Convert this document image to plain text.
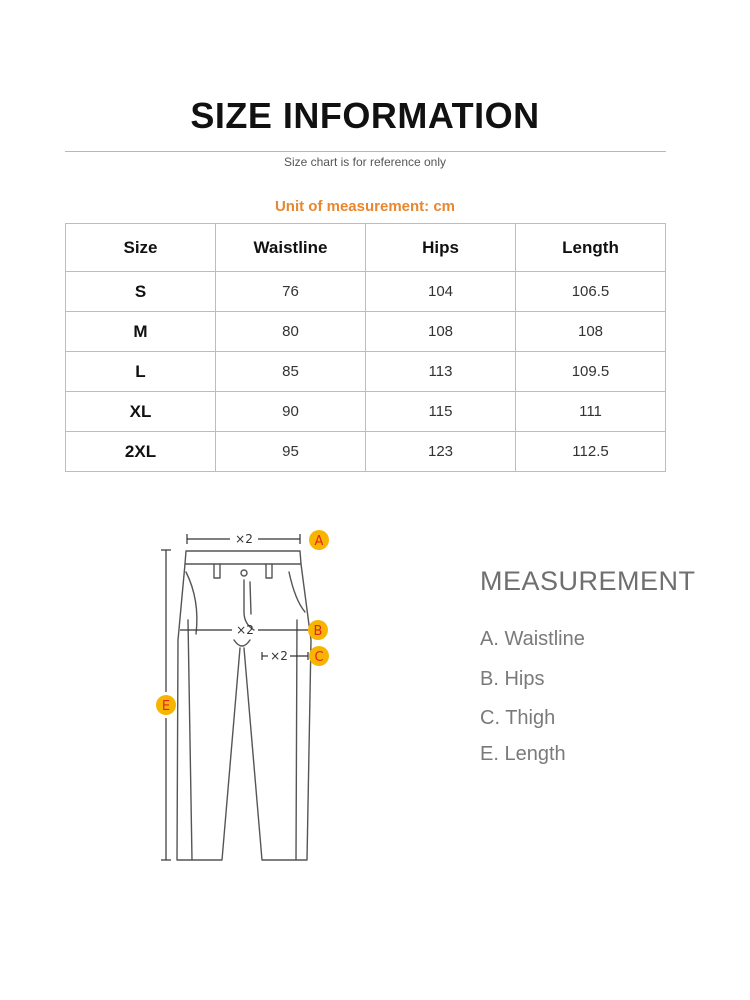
SIZE INFORMATION
Size chart is for reference only
Unit of measurement: cm
Size	Waistline	Hips	Length
S	76	104	106.5
M	80	108	108
L	85	113	109.5
XL	90	115	111
2XL	95	123	112.5
×2
×2
×2
A
B
C
E
MEASUREMENT
A. Waistline
B. Hips
C. Thigh
E. Length
